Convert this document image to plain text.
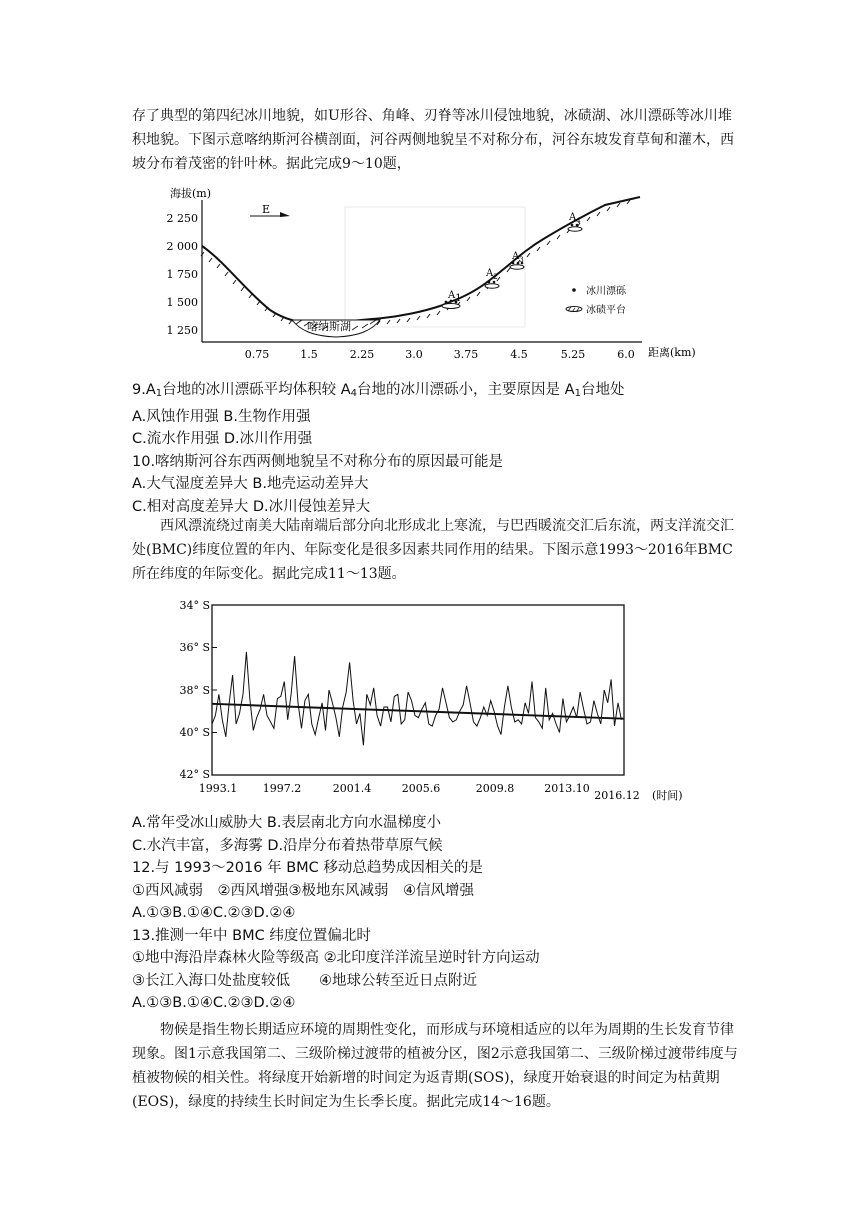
存了典型的第四纪冰川地貌，如U形谷、角峰、刃脊等冰川侵蚀地貌，冰碛湖、冰川漂砾等冰川堆积地貌。下图示意喀纳斯河谷横剖面，河谷两侧地貌呈不对称分布，河谷东坡发育草甸和灌木，西坡分布着茂密的针叶林。据此完成9～10题，

海拔(m)
2 250
2 000
1 750
1 500
1 250
0.75	1.5	2.25	3.0	3.75	4.5	5.25	6.0 距离(km)
E
喀纳斯湖
A1
$A_2$
$A_3$
$A_4$
冰川漂砾
冰碛平台
$9.A_1$台地的冰川漂砾平均体积较 $A_4$台地的冰川漂砾小，主要原因是 $A_1$台地处
A.风蚀作用强 B.生物作用强
C.流水作用强 D.冰川作用强
10.喀纳斯河谷东西两侧地貌呈不对称分布的原因最可能是
A.大气湿度差异大 B.地壳运动差异大
C.相对高度差异大 D.冰川侵蚀差异大

西风漂流绕过南美大陆南端后部分向北形成北上寒流，与巴西暖流交汇后东流，两支洋流交汇处(BMC)纬度位置的年内、年际变化是很多因素共同作用的结果。下图示意1993～2016年BMC所在纬度的年际变化。据此完成11～13题。

34° S
36° S
38° S
40° S
42° S
1993.1 1997.2	2001.4	2005.6	2009.8	2013.10
2016.12 (时间)
A.常年受冰山威胁大 B.表层南北方向水温梯度小
C.水汽丰富，多海雾 D.沿岸分布着热带草原气候
12.与 1993～2016 年 BMC 移动总趋势成因相关的是
①西风减弱　②西风增强③极地东风减弱　④信风增强
A.①③B.①④C.②③D.②④
13.推测一年中 BMC 纬度位置偏北时
①地中海沿岸森林火险等级高 ②北印度洋洋流呈逆时针方向运动
③长江入海口处盐度较低　　④地球公转至近日点附近
A.①③B.①④C.②③D.②④

物候是指生物长期适应环境的周期性变化，而形成与环境相适应的以年为周期的生长发育节律现象。图1示意我国第二、三级阶梯过渡带的植被分区，图2示意我国第二、三级阶梯过渡带纬度与植被物候的相关性。将绿度开始新增的时间定为返青期(SOS)，绿度开始衰退的时间定为枯黄期(EOS)，绿度的持续生长时间定为生长季长度。据此完成14～16题。
